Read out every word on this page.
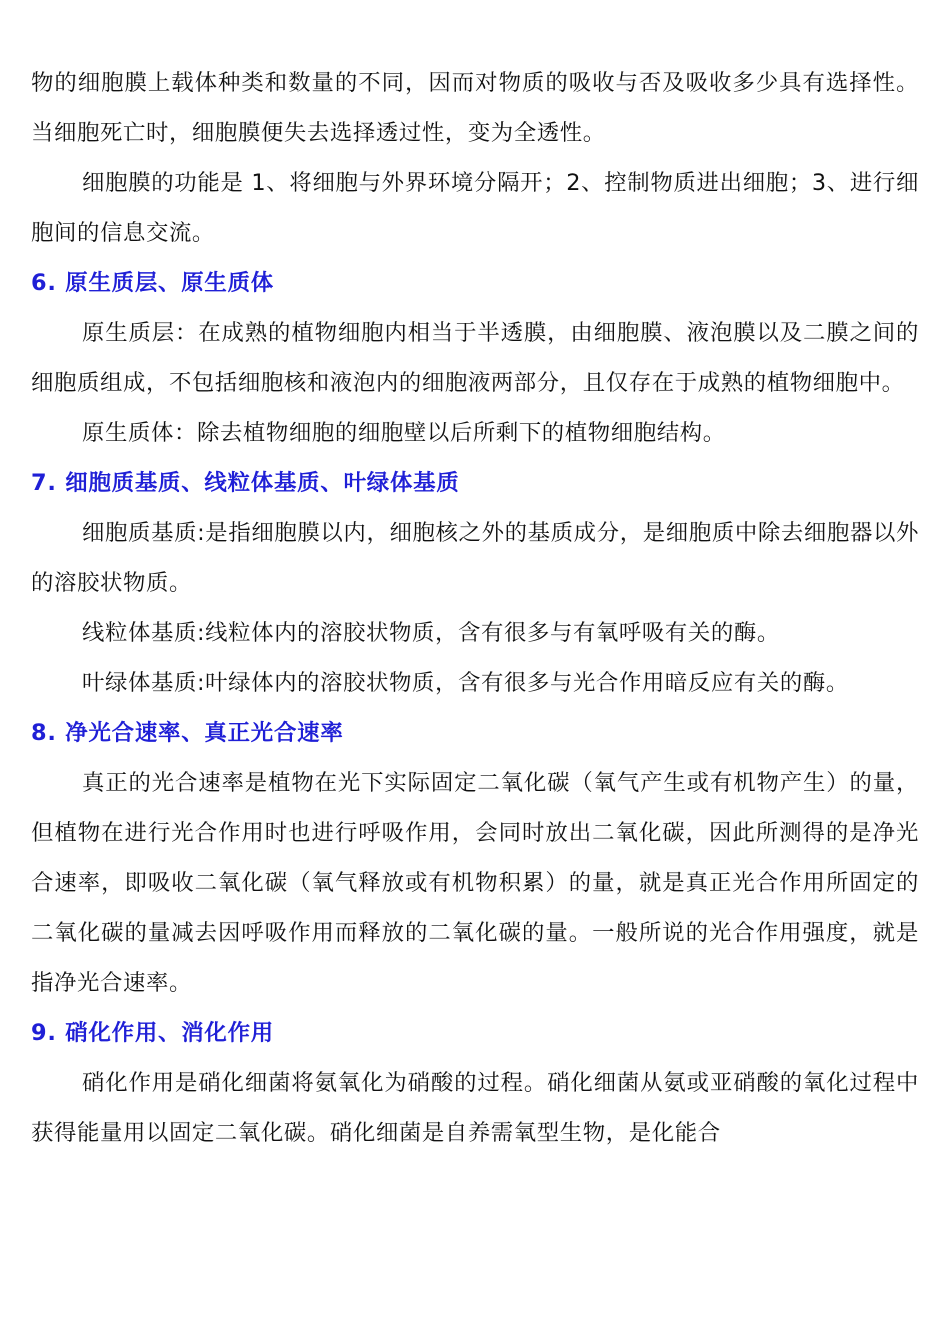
物的细胞膜上载体种类和数量的不同，因而对物质的吸收与否及吸收多少具有选择性。当细胞死亡时，细胞膜便失去选择透过性，变为全透性。

细胞膜的功能是 1、将细胞与外界环境分隔开；2、控制物质进出细胞；3、进行细胞间的信息交流。

6. 原生质层、原生质体

原生质层：在成熟的植物细胞内相当于半透膜，由细胞膜、液泡膜以及二膜之间的细胞质组成，不包括细胞核和液泡内的细胞液两部分，且仅存在于成熟的植物细胞中。

原生质体：除去植物细胞的细胞壁以后所剩下的植物细胞结构。

7. 细胞质基质、线粒体基质、叶绿体基质

细胞质基质:是指细胞膜以内，细胞核之外的基质成分，是细胞质中除去细胞器以外的溶胶状物质。

线粒体基质:线粒体内的溶胶状物质，含有很多与有氧呼吸有关的酶。

叶绿体基质:叶绿体内的溶胶状物质，含有很多与光合作用暗反应有关的酶。

8. 净光合速率、真正光合速率

真正的光合速率是植物在光下实际固定二氧化碳（氧气产生或有机物产生）的量，但植物在进行光合作用时也进行呼吸作用，会同时放出二氧化碳，因此所测得的是净光合速率，即吸收二氧化碳（氧气释放或有机物积累）的量，就是真正光合作用所固定的二氧化碳的量减去因呼吸作用而释放的二氧化碳的量。一般所说的光合作用强度，就是指净光合速率。

9. 硝化作用、消化作用

硝化作用是硝化细菌将氨氧化为硝酸的过程。硝化细菌从氨或亚硝酸的氧化过程中获得能量用以固定二氧化碳。硝化细菌是自养需氧型生物，是化能合
